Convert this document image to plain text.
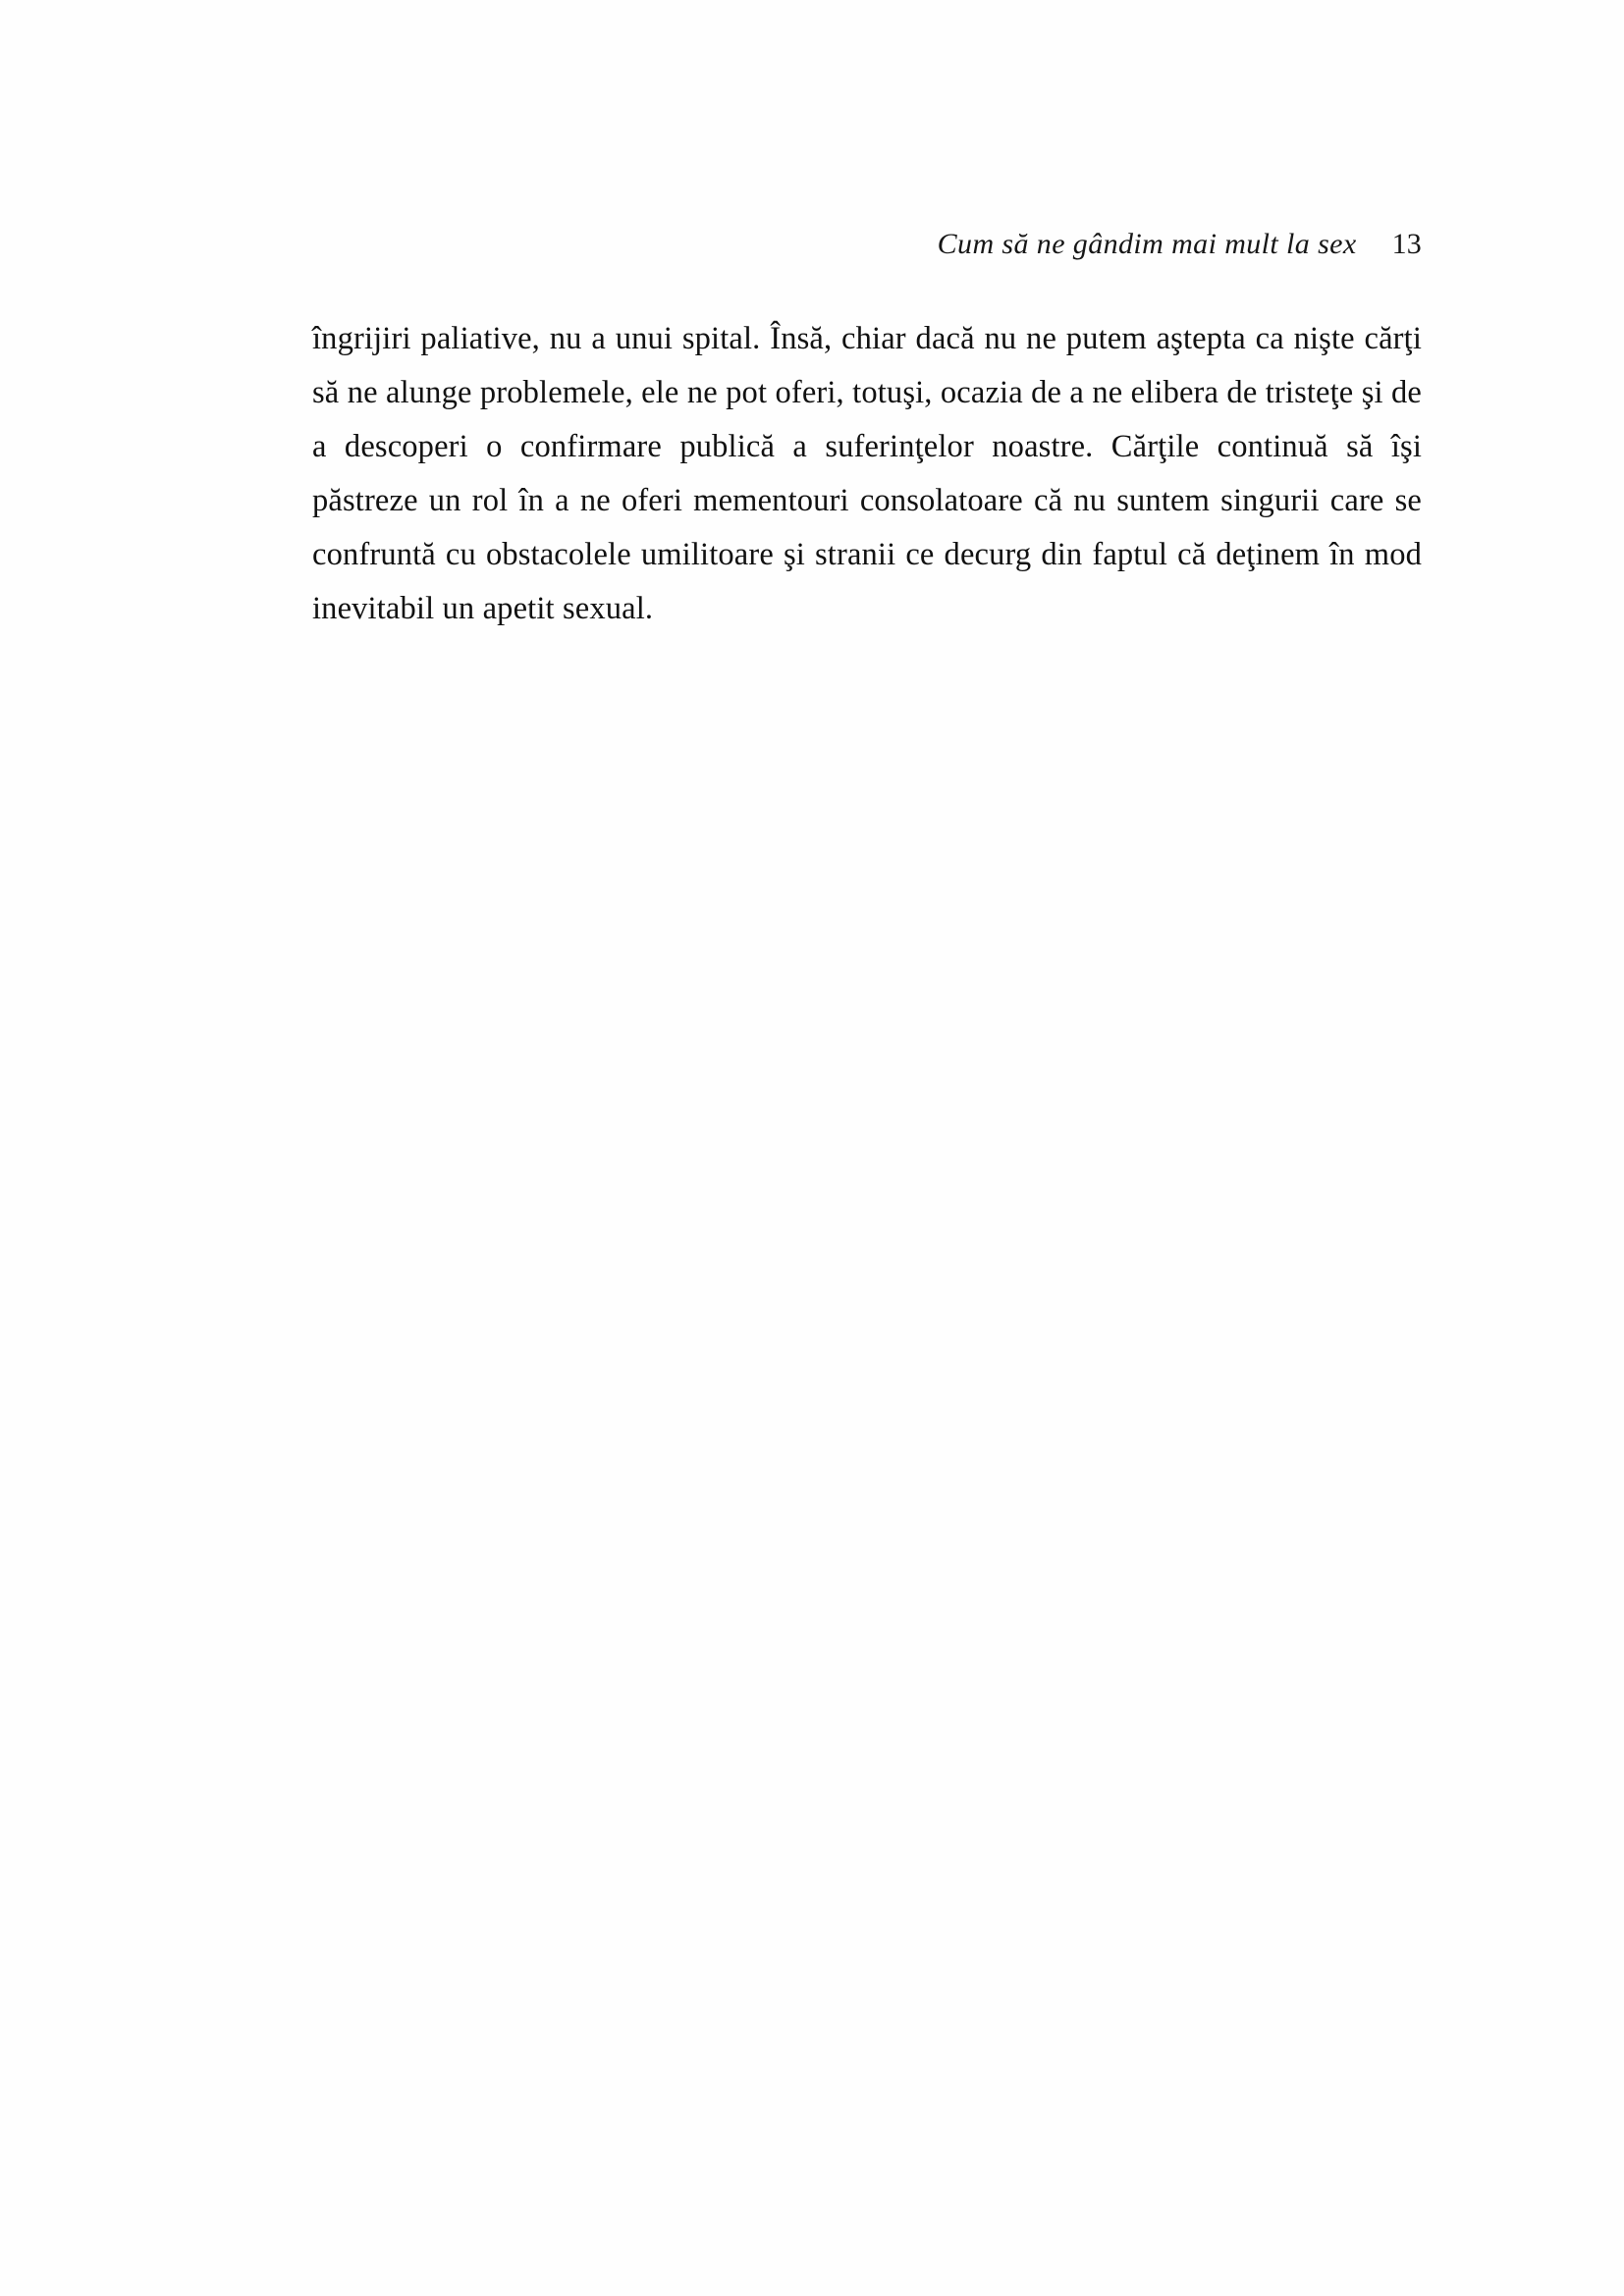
Cum să ne gândim mai mult la sex 13

îngrijiri paliative, nu a unui spital. Însă, chiar dacă nu ne putem aştepta ca nişte cărţi să ne alunge problemele, ele ne pot oferi, totuşi, ocazia de a ne elibera de tristeţe şi de a descoperi o confirmare publică a suferinţelor noastre. Cărţile continuă să îşi păstreze un rol în a ne oferi mementouri consolatoare că nu suntem singurii care se confruntă cu obstacolele umilitoare şi stranii ce decurg din faptul că deţinem în mod inevitabil un apetit sexual.
